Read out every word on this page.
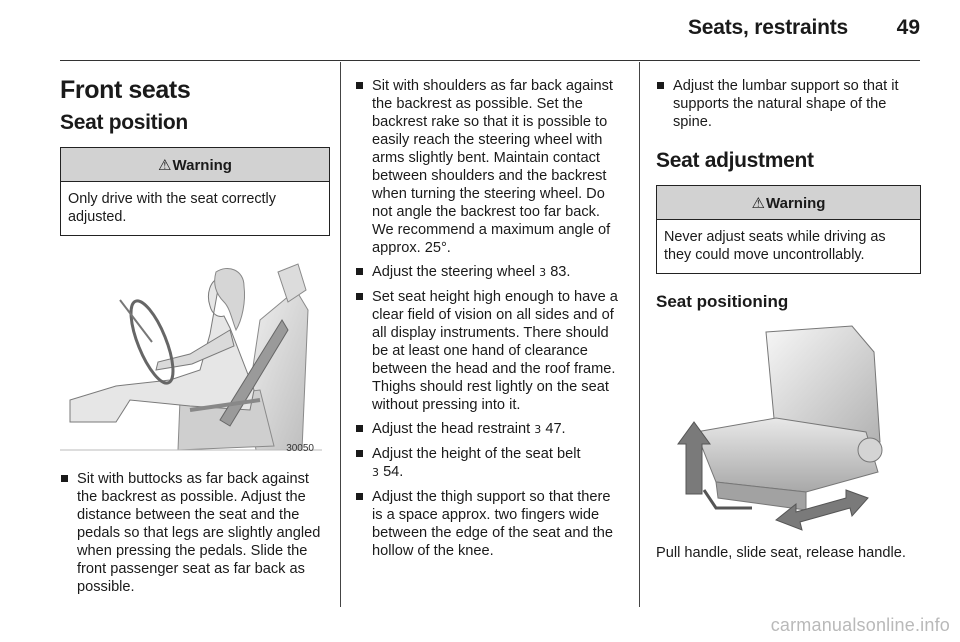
Seats, restraints 49
Front seats
Seat position
⚠Warning
Only drive with the seat correctly adjusted.
30050
Sit with buttocks as far back against the backrest as possible. Adjust the distance between the seat and the pedals so that legs are slightly angled when pressing the pedals. Slide the front passenger seat as far back as possible.
Sit with shoulders as far back against the backrest as possible. Set the backrest rake so that it is possible to easily reach the steering wheel with arms slightly bent. Maintain contact between shoulders and the backrest when turning the steering wheel. Do not angle the backrest too far back. We recommend a maximum angle of approx. 25°.
Adjust the steering wheel 3 83.
Set seat height high enough to have a clear field of vision on all sides and of all display instruments. There should be at least one hand of clearance between the head and the roof frame. Thighs should rest lightly on the seat without pressing into it.
Adjust the head restraint 3 47.
Adjust the height of the seat belt
3 54.
Adjust the thigh support so that there is a space approx. two fingers wide between the edge of the seat and the hollow of the knee.
Adjust the lumbar support so that it supports the natural shape of the spine.
Seat adjustment
⚠Warning
Never adjust seats while driving as they could move uncontrollably.
Seat positioning

Pull handle, slide seat, release handle.

carmanualsonline.info
